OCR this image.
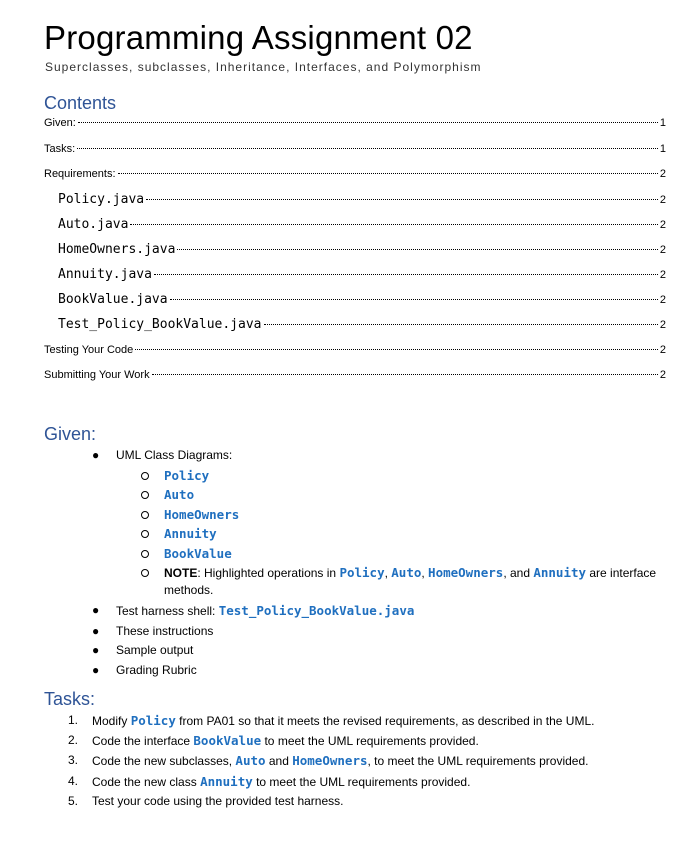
Programming Assignment 02
Superclasses, subclasses, Inheritance, Interfaces, and Polymorphism
Contents
Given:	1
Tasks:	1
Requirements:	2
Policy.java	2
Auto.java	2
HomeOwners.java	2
Annuity.java	2
BookValue.java	2
Test_Policy_BookValue.java	2
Testing Your Code	2
Submitting Your Work	2
Given:
● UML Class Diagrams:
Policy
Auto
HomeOwners
Annuity
BookValue
NOTE: Highlighted operations in Policy, Auto, HomeOwners, and Annuity are interface methods.
● Test harness shell: Test_Policy_BookValue.java
● These instructions
● Sample output
● Grading Rubric
Tasks:
1. Modify Policy from PA01 so that it meets the revised requirements, as described in the UML.
2. Code the interface BookValue to meet the UML requirements provided.
3. Code the new subclasses, Auto and HomeOwners, to meet the UML requirements provided.
4. Code the new class Annuity to meet the UML requirements provided.
5. Test your code using the provided test harness.
